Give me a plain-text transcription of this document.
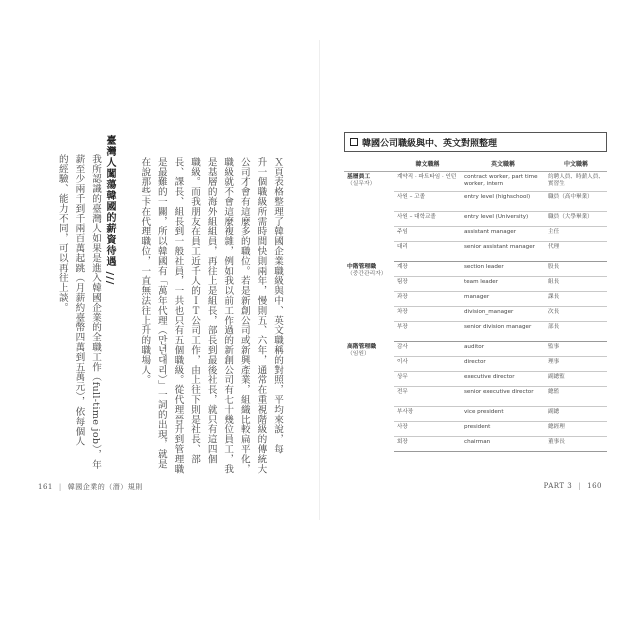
Ｘ頁表格整理了韓國企業職級與中、英文職稱的對照，平均來說，每
升一個職級所需時間快則兩年，慢則五、六年，通常在重視階級的傳統大
公司才會有這麼多的職位。若是新創公司或新興產業，組織比較扁平化，
職級就不會這麼複雜，例如我以前工作過的新創公司有七十幾位員工，我
是基層的海外組組員，再往上是組長，部長到最後社長，就只有這四個
職級。而我朋友在員工近千人的ＩＴ公司工作，由上往下則是社長、部
長、課長、組長到一般社員，一共也只有五個職級。從代理晉升到管理職
是最難的一關，所以韓國有「萬年代理（만년대리）」一詞的出現，就是
在說那些卡在代理職位，一直無法往上升的職場人。
臺灣人闖蕩韓國的薪資待遇 ///
我所認識的臺灣人如果是進入韓國企業的全職工作（full-time job），年
薪至少兩千到千兩百萬起跳（月薪約臺幣四萬到五萬元），依每個人
的經驗、能力不同，可以再往上談。
161 | 韓國企業的（潛）規則
韓國公司職級與中、英文對照整理
	韓文職稱	英文職稱	中文職稱
基層員工
（실무자）	계약직 · 파트타임 · 인턴	contract worker, part time worker, intern	約聘人員、時薪人員、實習生
	사원 – 고졸	entry level (highschool)	職員（高中畢業）
	사원 – 대학교졸	entry level (University)	職員（大學畢業）
	주임	assistant manager	主任
	대리	senior assistant manager	代理
中階管理職
（중간관리자）	계장	section leader	股長
	팀장	team leader	組長
	과장	manager	課長
	차장	division_manager	次長
	부장	senior division manager	部長
高階管理職
（임원）	감사	auditor	監事
	이사	director	理事
	상무	executive director	副總監
	전무	senior executive director	總監
	부사장	vice president	副總
	사장	president	總經理
	회장	chairman	董事長
PART 3 | 160
